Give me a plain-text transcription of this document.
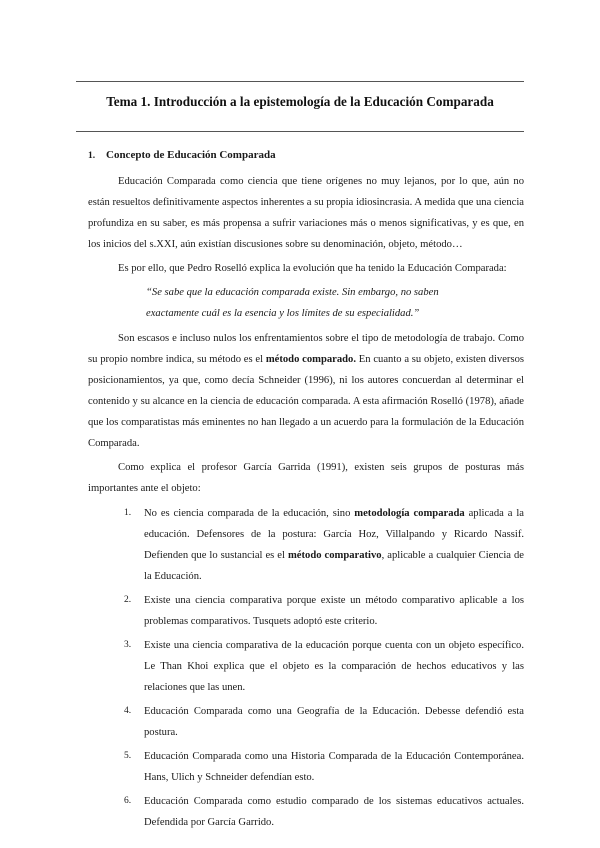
Tema 1. Introducción a la epistemología de la Educación Comparada
1. Concepto de Educación Comparada

Educación Comparada como ciencia que tiene orígenes no muy lejanos, por lo que, aún no están resueltos definitivamente aspectos inherentes a su propia idiosincrasia. A medida que una ciencia profundiza en su saber, es más propensa a sufrir variaciones más o menos significativas, y es que, en los inicios del s.XXI, aún existían discusiones sobre su denominación, objeto, método…

Es por ello, que Pedro Roselló explica la evolución que ha tenido la Educación Comparada:

“Se sabe que la educación comparada existe. Sin embargo, no saben exactamente cuál es la esencia y los límites de su especialidad.”

Son escasos e incluso nulos los enfrentamientos sobre el tipo de metodología de trabajo. Como su propio nombre indica, su método es el método comparado. En cuanto a su objeto, existen diversos posicionamientos, ya que, como decía Schneider (1996), ni los autores concuerdan al determinar el contenido y su alcance en la ciencia de educación comparada. A esta afirmación Roselló (1978), añade que los comparatistas más eminentes no han llegado a un acuerdo para la formulación de la Educación Comparada.

Como explica el profesor García Garrida (1991), existen seis grupos de posturas más importantes ante el objeto:

1.	No es ciencia comparada de la educación, sino metodología comparada aplicada a la educación. Defensores de la postura: García Hoz, Villalpando y Ricardo Nassif. Defienden que lo sustancial es el método comparativo, aplicable a cualquier Ciencia de la Educación.
2.	Existe una ciencia comparativa porque existe un método comparativo aplicable a los problemas comparativos. Tusquets adoptó este criterio.
3.	Existe una ciencia comparativa de la educación porque cuenta con un objeto específico. Le Than Khoi explica que el objeto es la comparación de hechos educativos y las relaciones que las unen.
4.	Educación Comparada como una Geografía de la Educación. Debesse defendió esta postura.
5.	Educación Comparada como una Historia Comparada de la Educación Contemporánea. Hans, Ulich y Schneider defendían esto.
6.	Educación Comparada como estudio comparado de los sistemas educativos actuales. Defendida por García Garrido.
